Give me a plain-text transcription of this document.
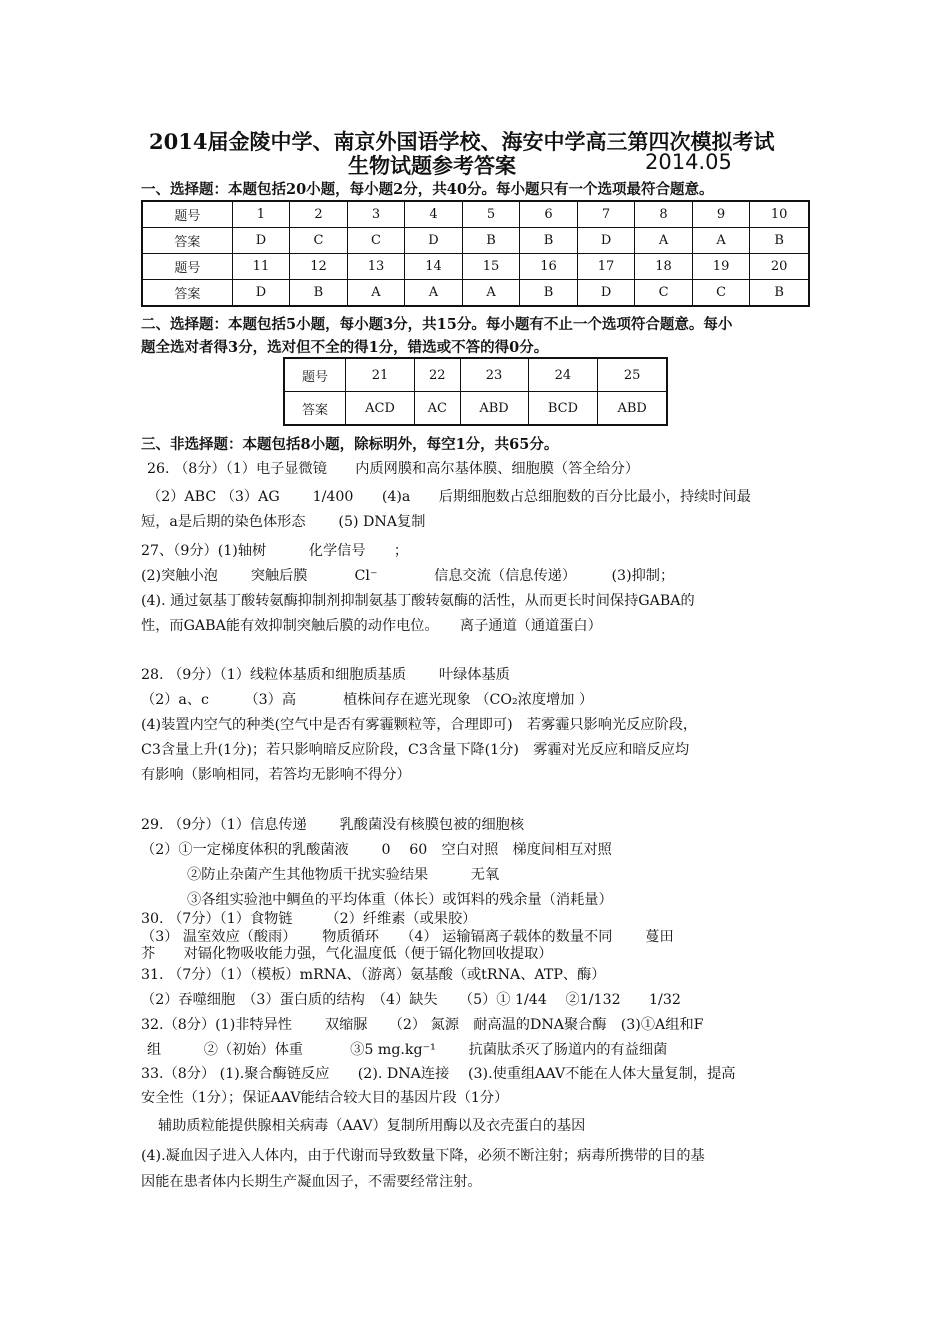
2014届金陵中学、南京外国语学校、海安中学高三第四次模拟考试
生物试题参考答案	2014.05
一、选择题：本题包括20小题，每小题2分，共40分。每小题只有一个选项最符合题意。
题号	1	2	3	4	5	6	7	8	9	10
答案	D	C	C	D	B	B	D	A	A	B
题号	11	12	13	14	15	16	17	18	19	20
答案	D	B	A	A	A	B	D	C	C	B
二、选择题：本题包括5小题，每小题3分，共15分。每小题有不止一个选项符合题意。每小
题全选对者得3分，选对但不全的得1分，错选或不答的得0分。
题号	21	22	23	24	25
答案	ACD	AC	ABD	BCD	ABD
三、非选择题：本题包括8小题，除标明外，每空1分，共65分。
26. （8分）（1）电子显微镜　　内质网膜和高尔基体膜、细胞膜（答全给分）
（2）ABC （3）AG　　 1/400　　(4)a　　后期细胞数占总细胞数的百分比最小，持续时间最
短，a是后期的染色体形态　　 (5) DNA复制
27、（9分）(1)轴树　　　化学信号　　；
(2)突触小泡　　 突触后膜　　　 Cl⁻　　　　信息交流（信息传递）　　　(3)抑制；
(4). 通过氨基丁酸转氨酶抑制剂抑制氨基丁酸转氨酶的活性，从而更长时间保持GABA的
性，而GABA能有效抑制突触后膜的动作电位。　　离子通道（通道蛋白）
28. （9分）（1）线粒体基质和细胞质基质　　 叶绿体基质
（2）a、c　　　（3）高　　　 植株间存在遮光现象 （CO₂浓度增加 ）
(4)装置内空气的种类(空气中是否有雾霾颗粒等，合理即可)　若雾霾只影响光反应阶段，
C3含量上升(1分)；若只影响暗反应阶段，C3含量下降(1分)　雾霾对光反应和暗反应均
有影响（影响相同，若答均无影响不得分）
29. （9分）（1）信息传递　　 乳酸菌没有核膜包被的细胞核
（2）①一定梯度体积的乳酸菌液　　 0　 60　空白对照　梯度间相互对照
②防止杂菌产生其他物质干扰实验结果　　　无氧
③各组实验池中鲷鱼的平均体重（体长）或饵料的残余量（消耗量）
30. （7分）（1）食物链　　 （2）纤维素（或果胶）
（3） 温室效应（酸雨）　　 物质循环　　（4） 运输镉离子载体的数量不同　　 蔓田
芥　　对镉化物吸收能力强，气化温度低（便于镉化物回收提取）
31. （7分）（1）（模板）mRNA、（游离）氨基酸（或tRNA、ATP、酶）
（2）吞噬细胞　（3）蛋白质的结构　（4）缺失　　（5）① 1/44　 ②1/132　　1/32
32.（8分）(1)非特异性　　 双缩脲　　（2） 氮源　耐高温的DNA聚合酶　(3)①A组和F
组　　　②（初始）体重　　　 ③5 mg.kg⁻¹　　 抗菌肽杀灭了肠道内的有益细菌
33.（8分） (1).聚合酶链反应　　(2). DNA连接　 (3).使重组AAV不能在人体大量复制，提高
安全性（1分）；保证AAV能结合较大目的基因片段（1分）
辅助质粒能提供腺相关病毒（AAV）复制所用酶以及衣壳蛋白的基因
(4).凝血因子进入人体内，由于代谢而导致数量下降，必须不断注射；病毒所携带的目的基
因能在患者体内长期生产凝血因子，不需要经常注射。
